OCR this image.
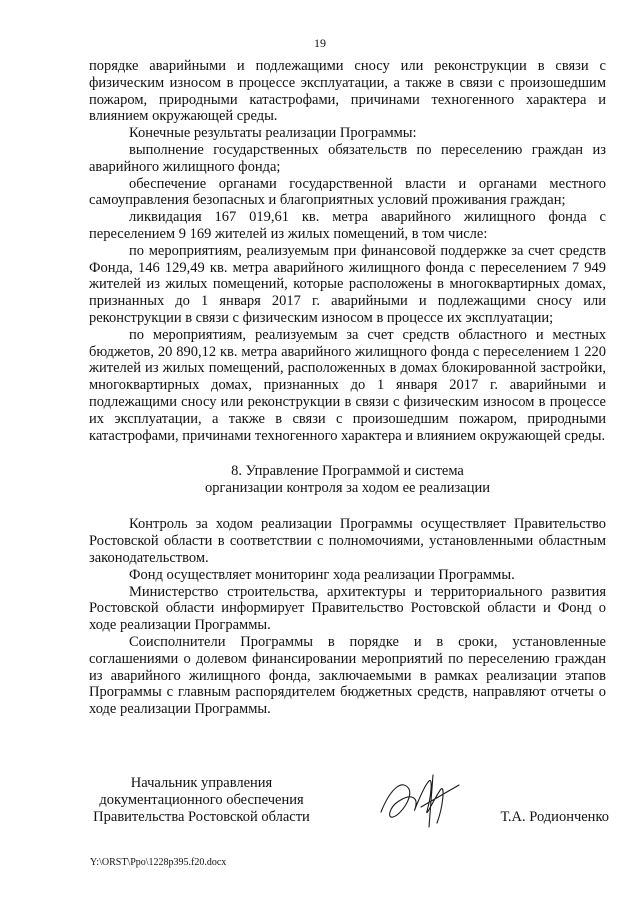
19

порядке аварийными и подлежащими сносу или реконструкции в связи с физическим износом в процессе эксплуатации, а также в связи с произошедшим пожаром, природными катастрофами, причинами техногенного характера и влиянием окружающей среды.

Конечные результаты реализации Программы:

выполнение государственных обязательств по переселению граждан из аварийного жилищного фонда;

обеспечение органами государственной власти и органами местного самоуправления безопасных и благоприятных условий проживания граждан;

ликвидация 167 019,61 кв. метра аварийного жилищного фонда с переселением 9 169 жителей из жилых помещений, в том числе:

по мероприятиям, реализуемым при финансовой поддержке за счет средств Фонда, 146 129,49 кв. метра аварийного жилищного фонда с переселением 7 949 жителей из жилых помещений, которые расположены в многоквартирных домах, признанных до 1 января 2017 г. аварийными и подлежащими сносу или реконструкции в связи с физическим износом в процессе их эксплуатации;

по мероприятиям, реализуемым за счет средств областного и местных бюджетов, 20 890,12 кв. метра аварийного жилищного фонда с переселением 1 220 жителей из жилых помещений, расположенных в домах блокированной застройки, многоквартирных домах, признанных до 1 января 2017 г. аварийными и подлежащими сносу или реконструкции в связи с физическим износом в процессе их эксплуатации, а также в связи с произошедшим пожаром, природными катастрофами, причинами техногенного характера и влиянием окружающей среды.

8. Управление Программой и система
организации контроля за ходом ее реализации

Контроль за ходом реализации Программы осуществляет Правительство Ростовской области в соответствии с полномочиями, установленными областным законодательством.

Фонд осуществляет мониторинг хода реализации Программы.

Министерство строительства, архитектуры и территориального развития Ростовской области информирует Правительство Ростовской области и Фонд о ходе реализации Программы.

Соисполнители Программы в порядке и в сроки, установленные соглашениями о долевом финансировании мероприятий по переселению граждан из аварийного жилищного фонда, заключаемыми в рамках реализации этапов Программы с главным распорядителем бюджетных средств, направляют отчеты о ходе реализации Программы.

Начальник управления
документационного обеспечения
Правительства Ростовской области	Т.А. Родионченко
Y:\ORST\Ppo\1228p395.f20.docx
